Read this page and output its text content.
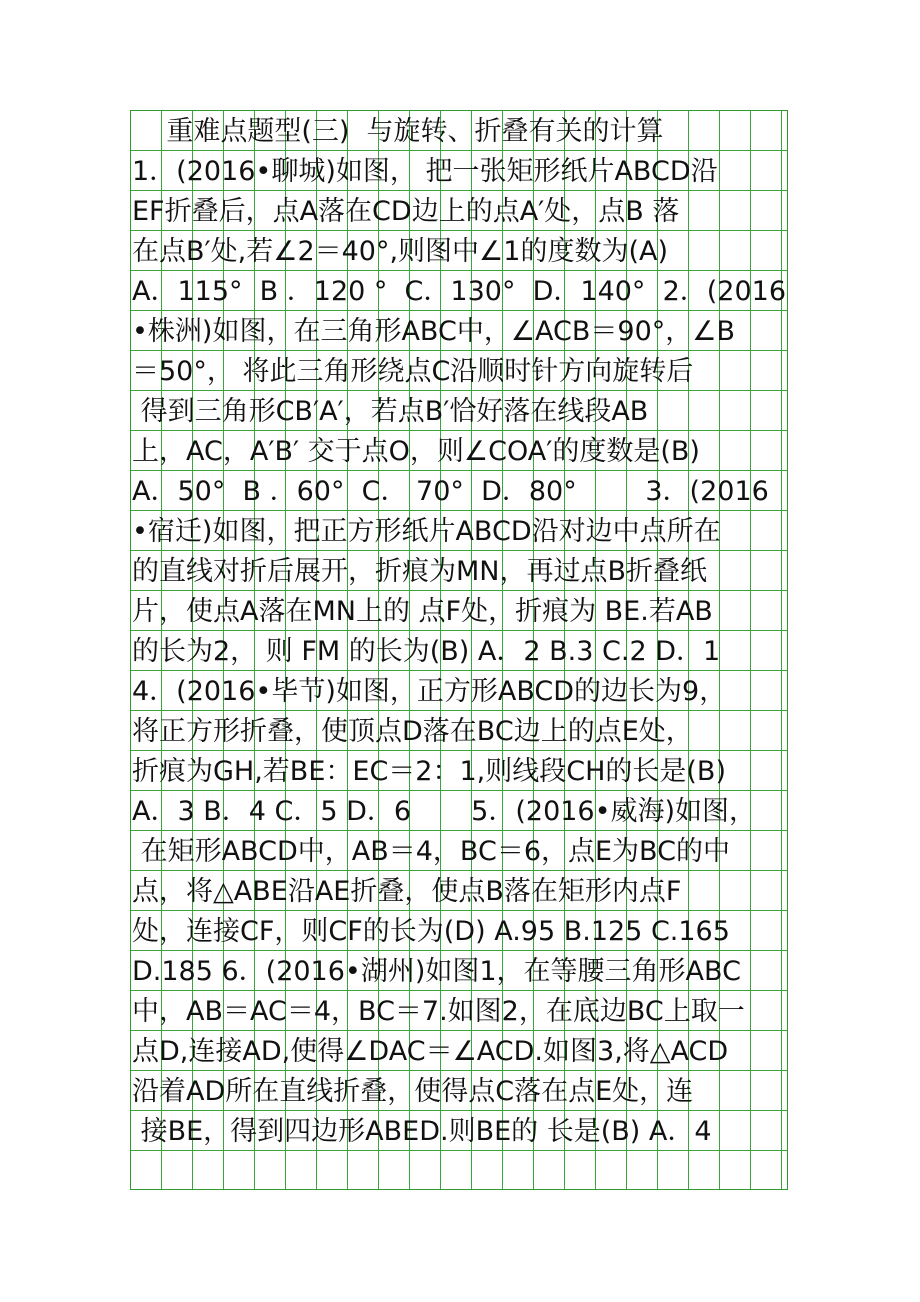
重难点题型(三)  与旋转、折叠有关的计算
1．(2016•聊城)如图， 把一张矩形纸片ABCD沿
EF折叠后，点A落在CD边上的点A′处，点B 落
在点B′处,若∠2＝40°,则图中∠1的度数为(A)
A．115°  B ．120 °  C．130°  D．140°  2．(2016
•株洲)如图，在三角形ABC中，∠ACB＝90°，∠B
＝50°， 将此三角形绕点C沿顺时针方向旋转后
得到三角形CB′A′，若点B′恰好落在线段AB
上，AC，A′B′ 交于点O，则∠COA′的度数是(B)
A．50°  B ．60°  C． 70°  D．80°        3．(2016
•宿迁)如图，把正方形纸片ABCD沿对边中点所在
的直线对折后展开，折痕为MN，再过点B折叠纸
片，使点A落在MN上的 点F处，折痕为 BE.若AB
的长为2， 则 FM 的长为(B) A．2 B.3 C.2 D．1
4．(2016•毕节)如图，正方形ABCD的边长为9，
将正方形折叠，使顶点D落在BC边上的点E处，
折痕为GH,若BE：EC＝2：1,则线段CH的长是(B)
A．3 B．4 C．5 D．6       5．(2016•威海)如图，
在矩形ABCD中，AB＝4，BC＝6，点E为BC的中
点，将△ABE沿AE折叠，使点B落在矩形内点F
处，连接CF，则CF的长为(D) A.95 B.125 C.165
D.185 6．(2016•湖州)如图1，在等腰三角形ABC
中，AB＝AC＝4，BC＝7.如图2，在底边BC上取一
点D,连接AD,使得∠DAC＝∠ACD.如图3,将△ACD
沿着AD所在直线折叠，使得点C落在点E处，连
接BE，得到四边形ABED.则BE的 长是(B) A．4
